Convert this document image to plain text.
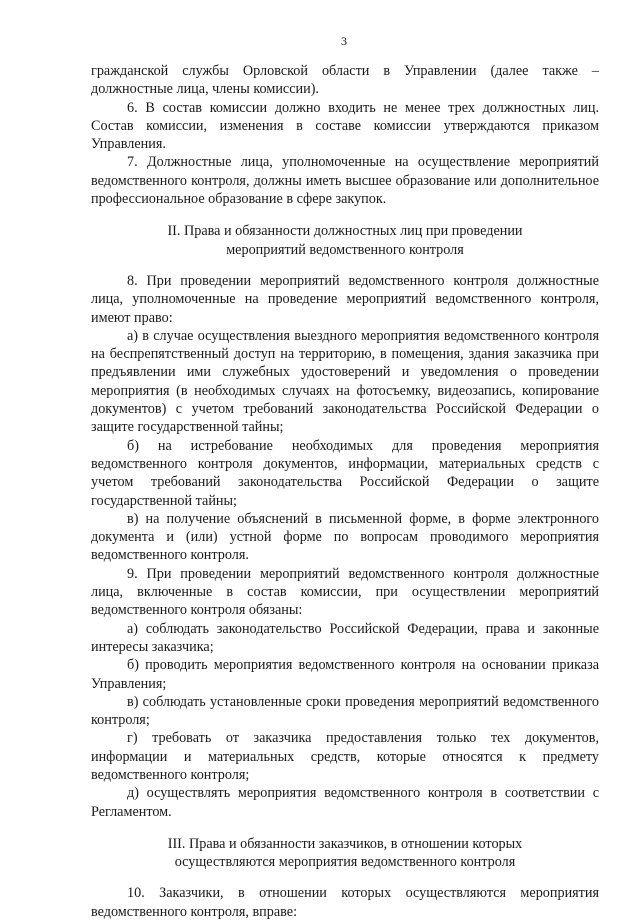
3

гражданской службы Орловской области в Управлении (далее также – должностные лица, члены комиссии).

6. В состав комиссии должно входить не менее трех должностных лиц. Состав комиссии, изменения в составе комиссии утверждаются приказом Управления.

7. Должностные лица, уполномоченные на осуществление мероприятий ведомственного контроля, должны иметь высшее образование или дополнительное профессиональное образование в сфере закупок.

II. Права и обязанности должностных лиц при проведении
мероприятий ведомственного контроля

8. При проведении мероприятий ведомственного контроля должностные лица, уполномоченные на проведение мероприятий ведомственного контроля, имеют право:

а) в случае осуществления выездного мероприятия ведомственного контроля на беспрепятственный доступ на территорию, в помещения, здания заказчика при предъявлении ими служебных удостоверений и уведомления о проведении мероприятия (в необходимых случаях на фотосъемку, видеозапись, копирование документов) с учетом требований законодательства Российской Федерации о защите государственной тайны;

б) на истребование необходимых для проведения мероприятия ведомственного контроля документов, информации, материальных средств с учетом требований законодательства Российской Федерации о защите государственной тайны;

в) на получение объяснений в письменной форме, в форме электронного документа и (или) устной форме по вопросам проводимого мероприятия ведомственного контроля.

9. При проведении мероприятий ведомственного контроля должностные лица, включенные в состав комиссии, при осуществлении мероприятий ведомственного контроля обязаны:

а) соблюдать законодательство Российской Федерации, права и законные интересы заказчика;

б) проводить мероприятия ведомственного контроля на основании приказа Управления;

в) соблюдать установленные сроки проведения мероприятий ведомственного контроля;

г) требовать от заказчика предоставления только тех документов, информации и материальных средств, которые относятся к предмету ведомственного контроля;

д) осуществлять мероприятия ведомственного контроля в соответствии с Регламентом.

III. Права и обязанности заказчиков, в отношении которых
осуществляются мероприятия ведомственного контроля

10. Заказчики, в отношении которых осуществляются мероприятия ведомственного контроля, вправе:
